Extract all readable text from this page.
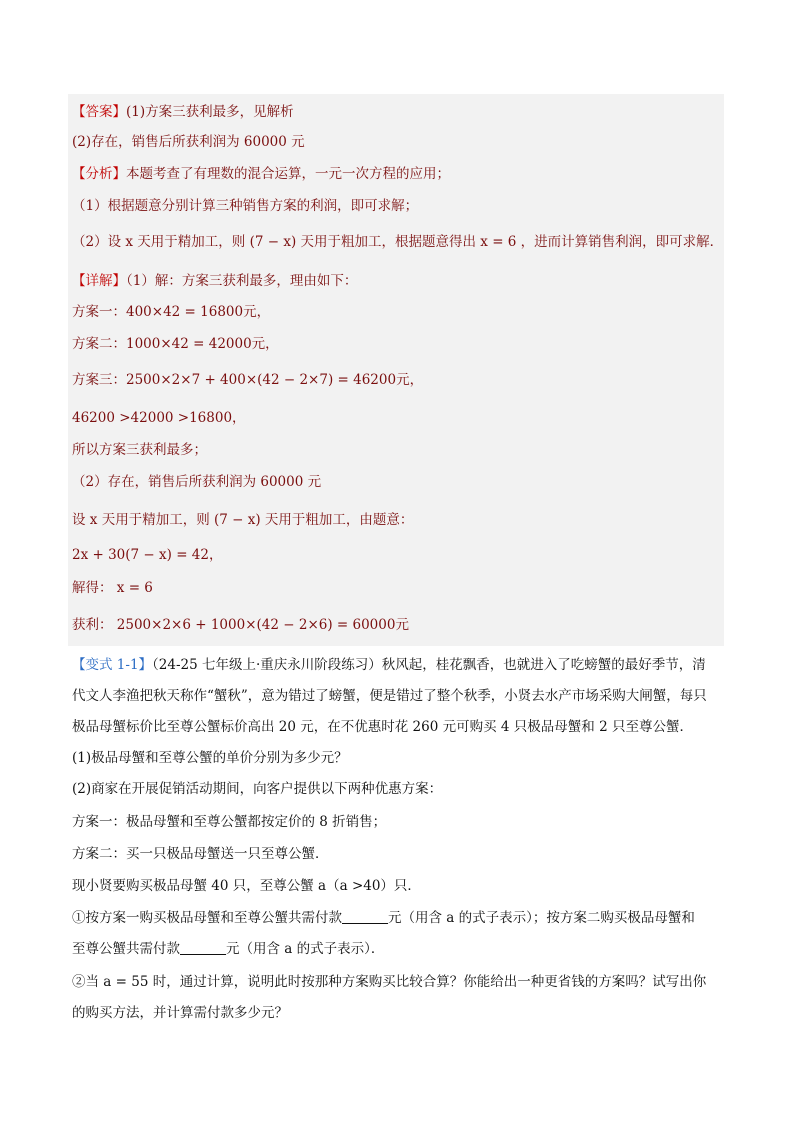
【答案】(1)方案三获利最多，见解析
(2)存在，销售后所获利润为 60000 元
【分析】本题考查了有理数的混合运算，一元一次方程的应用；
（1）根据题意分别计算三种销售方案的利润，即可求解；
（2）设 x 天用于精加工，则 (7 − x) 天用于粗加工，根据题意得出 x = 6 ，进而计算销售利润，即可求解．
【详解】（1）解：方案三获利最多，理由如下：
方案一：400×42 = 16800元，
方案二：1000×42 = 42000元，
方案三：2500×2×7 + 400×(42 − 2×7) = 46200元，
46200 >42000 >16800，
所以方案三获利最多；
（2）存在，销售后所获利润为 60000 元
设 x 天用于精加工，则 (7 − x) 天用于粗加工，由题意：
2x + 30(7 − x) = 42，
解得： x = 6
获利： 2500×2×6 + 1000×(42 − 2×6) = 60000元
【变式 1-1】（24-25 七年级上·重庆永川阶段练习）秋风起，桂花飘香，也就进入了吃螃蟹的最好季节，清
代文人李渔把秋天称作“蟹秋”，意为错过了螃蟹，便是错过了整个秋季，小贤去水产市场采购大闸蟹，每只
极品母蟹标价比至尊公蟹标价高出 20 元，在不优惠时花 260 元可购买 4 只极品母蟹和 2 只至尊公蟹．
(1)极品母蟹和至尊公蟹的单价分别为多少元？
(2)商家在开展促销活动期间，向客户提供以下两种优惠方案：
方案一：极品母蟹和至尊公蟹都按定价的 8 折销售；
方案二：买一只极品母蟹送一只至尊公蟹．
现小贤要购买极品母蟹 40 只，至尊公蟹 a（a >40）只．
①按方案一购买极品母蟹和至尊公蟹共需付款	元（用含 a 的式子表示）；按方案二购买极品母蟹和
至尊公蟹共需付款	元（用含 a 的式子表示）．
②当 a = 55 时，通过计算，说明此时按那种方案购买比较合算？你能给出一种更省钱的方案吗？试写出你
的购买方法，并计算需付款多少元？
